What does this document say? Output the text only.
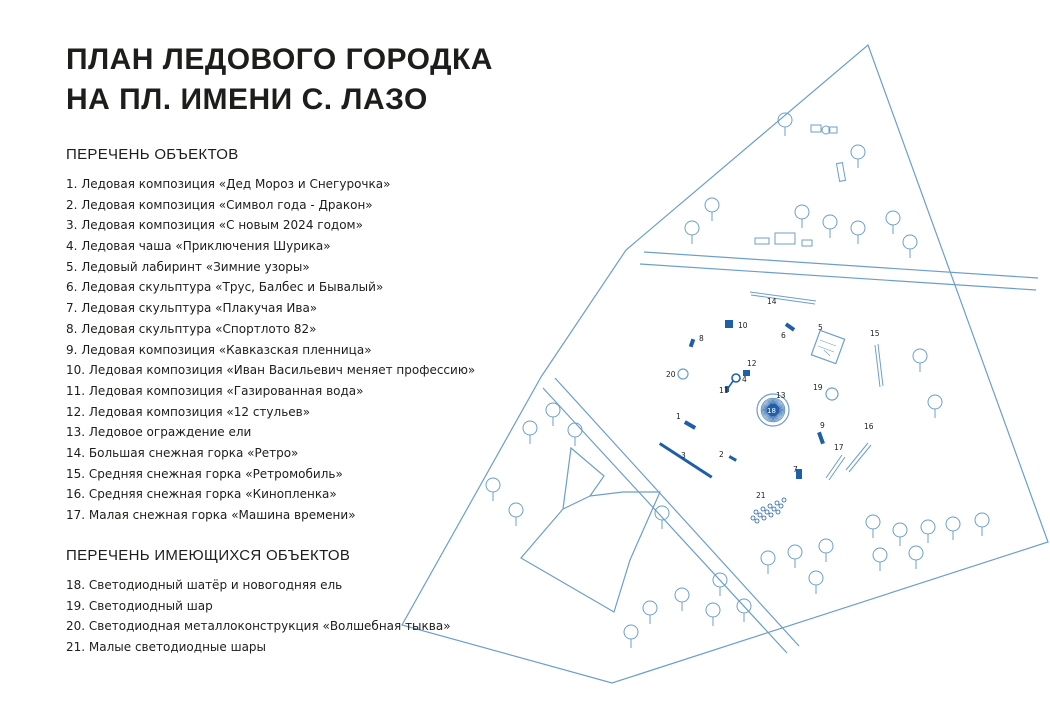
1
2
3
4
5
6
7
8
9
10
11
12
13
14
15
16
17
18
19
20
21
ПЛАН ЛЕДОВОГО ГОРОДКА
НА ПЛ. ИМЕНИ С. ЛАЗО
ПЕРЕЧЕНЬ ОБЪЕКТОВ
1. Ледовая композиция «Дед Мороз и Снегурочка»
2. Ледовая композиция «Символ года - Дракон»
3. Ледовая композиция «С новым 2024 годом»
4. Ледовая чаша «Приключения Шурика»
5. Ледовый лабиринт «Зимние узоры»
6. Ледовая скульптура «Трус, Балбес и Бывалый»
7. Ледовая скульптура «Плакучая Ива»
8. Ледовая скульптура «Спортлото 82»
9. Ледовая композиция «Кавказская пленница»
10. Ледовая композиция «Иван Васильевич меняет профессию»
11. Ледовая композиция «Газированная вода»
12. Ледовая композиция «12 стульев»
13. Ледовое ограждение ели
14. Большая снежная горка «Ретро»
15. Средняя снежная горка «Ретромобиль»
16. Средняя снежная горка «Кинопленка»
17. Малая снежная горка «Машина времени»
ПЕРЕЧЕНЬ ИМЕЮЩИХСЯ ОБЪЕКТОВ
18. Светодиодный шатёр и новогодняя ель
19. Светодиодный шар
20. Светодиодная металлоконструкция «Волшебная тыква»
21. Малые светодиодные шары
